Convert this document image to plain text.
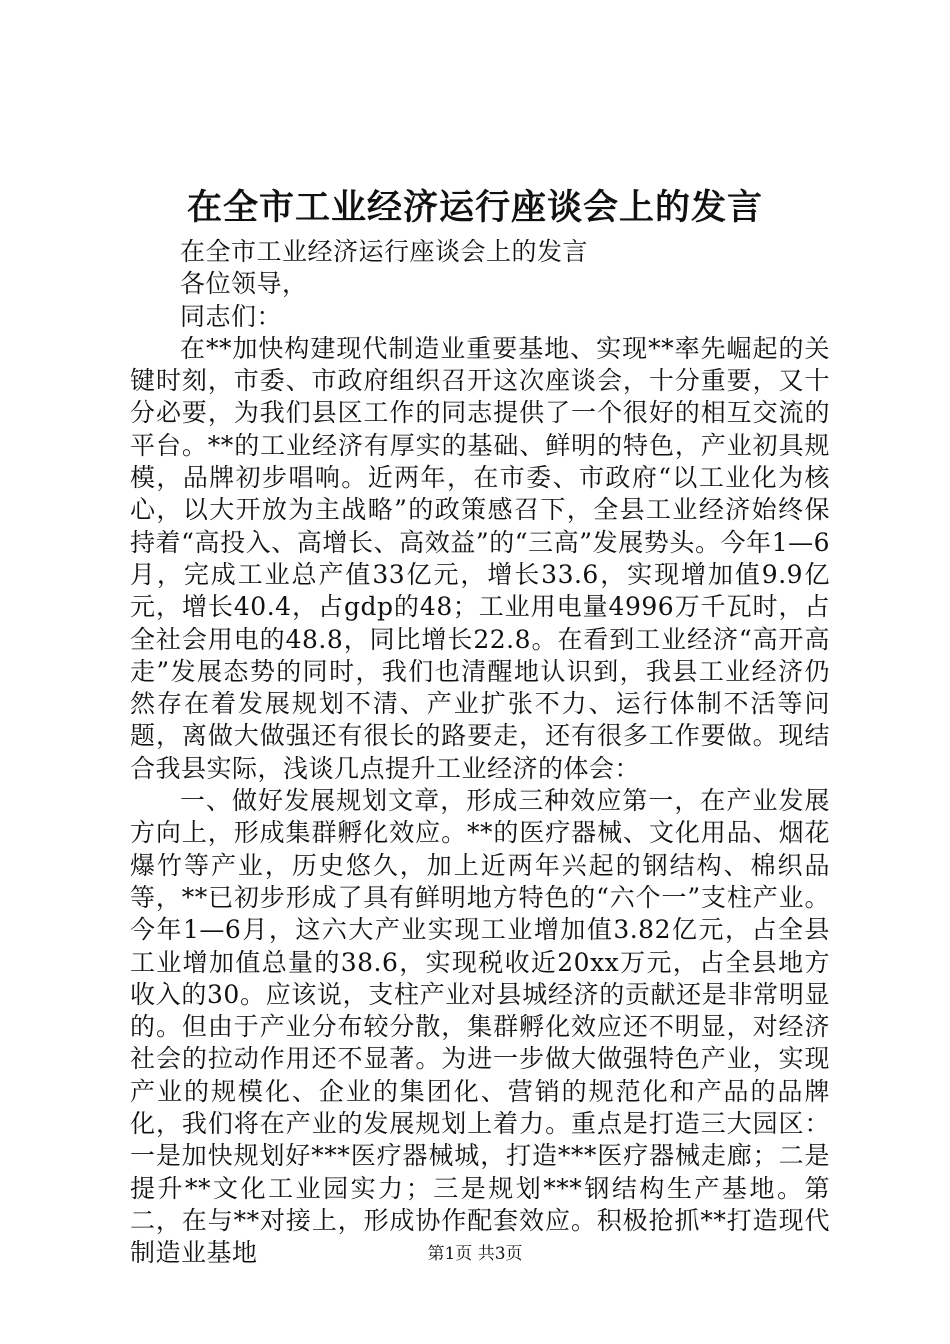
在全市工业经济运行座谈会上的发言

在全市工业经济运行座谈会上的发言

各位领导，

同志们：

在**加快构建现代制造业重要基地、实现**率先崛起的关键时刻，市委、市政府组织召开这次座谈会，十分重要，又十分必要，为我们县区工作的同志提供了一个很好的相互交流的平台。**的工业经济有厚实的基础、鲜明的特色，产业初具规模，品牌初步唱响。近两年，在市委、市政府“以工业化为核心，以大开放为主战略”的政策感召下，全县工业经济始终保持着“高投入、高增长、高效益”的“三高”发展势头。今年1—6月，完成工业总产值33亿元，增长33.6，实现增加值9.9亿元，增长40.4，占gdp的48；工业用电量4996万千瓦时，占全社会用电的48.8，同比增长22.8。在看到工业经济“高开高走”发展态势的同时，我们也清醒地认识到，我县工业经济仍然存在着发展规划不清、产业扩张不力、运行体制不活等问题，离做大做强还有很长的路要走，还有很多工作要做。现结合我县实际，浅谈几点提升工业经济的体会：

一、做好发展规划文章，形成三种效应第一，在产业发展方向上，形成集群孵化效应。**的医疗器械、文化用品、烟花爆竹等产业，历史悠久，加上近两年兴起的钢结构、棉织品等，**已初步形成了具有鲜明地方特色的“六个一”支柱产业。今年1—6月，这六大产业实现工业增加值3.82亿元，占全县工业增加值总量的38.6，实现税收近20xx万元，占全县地方收入的30。应该说，支柱产业对县城经济的贡献还是非常明显的。但由于产业分布较分散，集群孵化效应还不明显，对经济社会的拉动作用还不显著。为进一步做大做强特色产业，实现产业的规模化、企业的集团化、营销的规范化和产品的品牌化，我们将在产业的发展规划上着力。重点是打造三大园区：一是加快规划好***医疗器械城，打造***医疗器械走廊；二是提升**文化工业园实力；三是规划***钢结构生产基地。第二，在与**对接上，形成协作配套效应。积极抢抓**打造现代制造业基地	第1页 共3页
